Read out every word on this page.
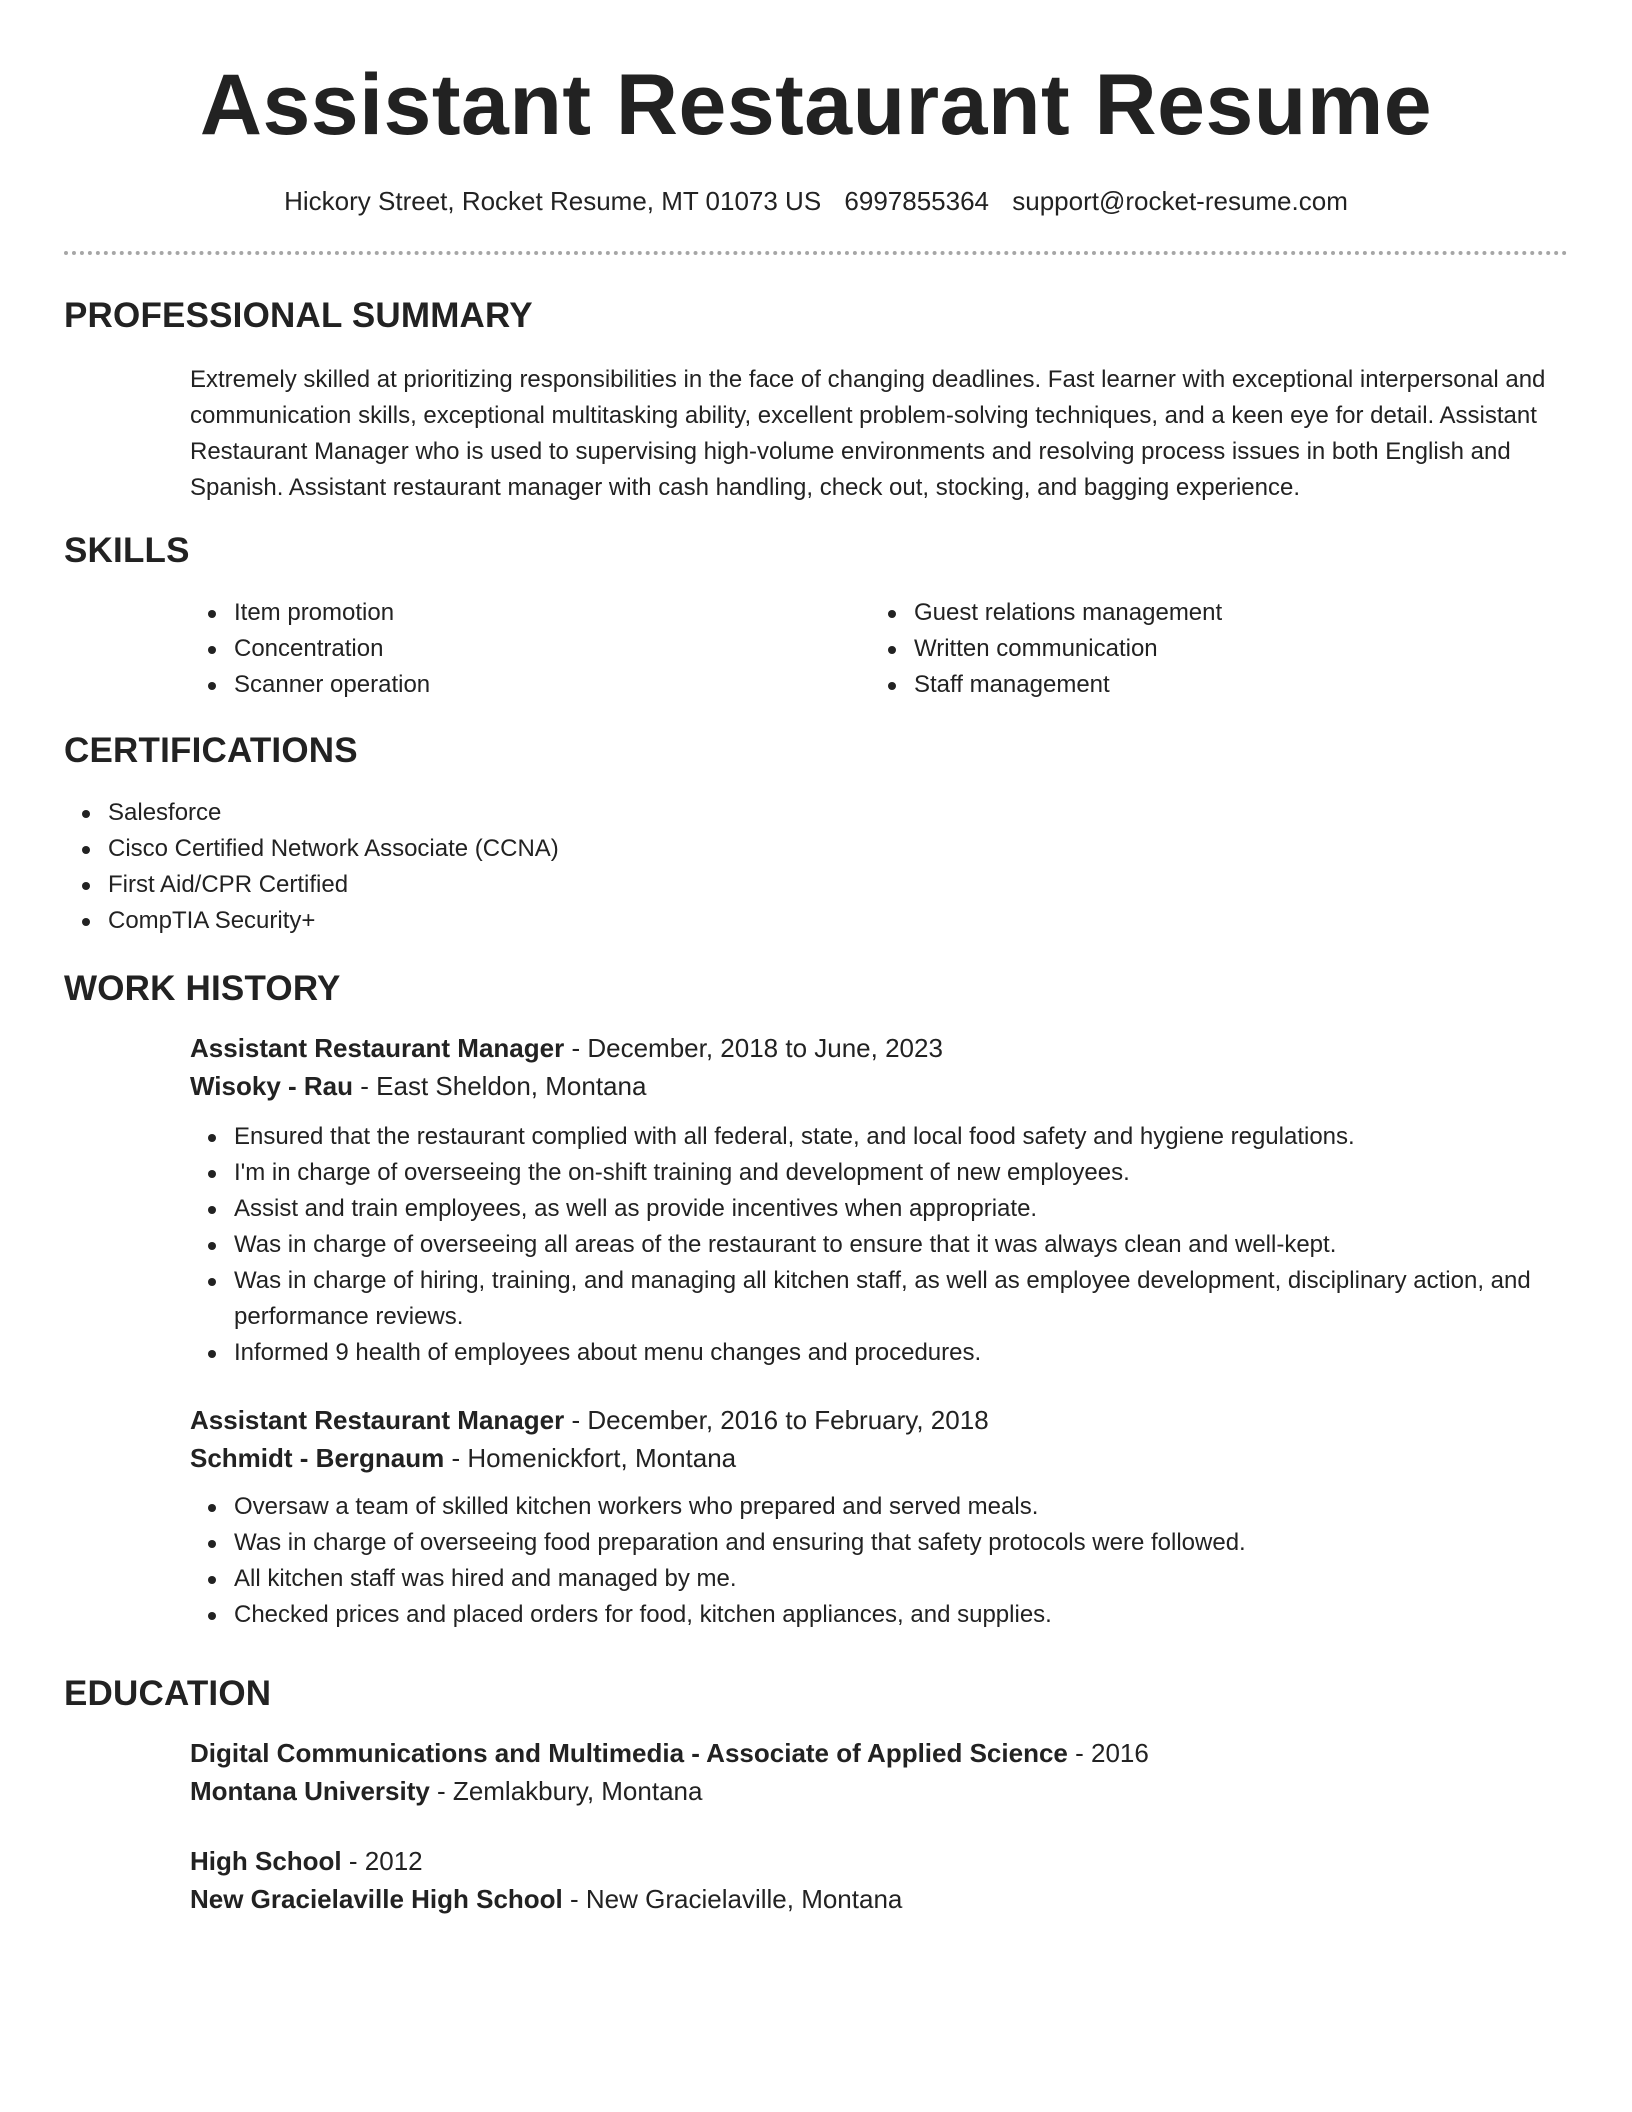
Assistant Restaurant Resume
Hickory Street, Rocket Resume, MT 01073 US 6997855364 support@rocket-resume.com
PROFESSIONAL SUMMARY
Extremely skilled at prioritizing responsibilities in the face of changing deadlines. Fast learner with exceptional interpersonal and communication skills, exceptional multitasking ability, excellent problem-solving techniques, and a keen eye for detail. Assistant Restaurant Manager who is used to supervising high-volume environments and resolving process issues in both English and Spanish. Assistant restaurant manager with cash handling, check out, stocking, and bagging experience.
SKILLS
Item promotion
Concentration
Scanner operation
Guest relations management
Written communication
Staff management
CERTIFICATIONS
Salesforce
Cisco Certified Network Associate (CCNA)
First Aid/CPR Certified
CompTIA Security+
WORK HISTORY
Assistant Restaurant Manager - December, 2018 to June, 2023
Wisoky - Rau - East Sheldon, Montana
Ensured that the restaurant complied with all federal, state, and local food safety and hygiene regulations.
I'm in charge of overseeing the on-shift training and development of new employees.
Assist and train employees, as well as provide incentives when appropriate.
Was in charge of overseeing all areas of the restaurant to ensure that it was always clean and well-kept.
Was in charge of hiring, training, and managing all kitchen staff, as well as employee development, disciplinary action, and performance reviews.
Informed 9 health of employees about menu changes and procedures.
Assistant Restaurant Manager - December, 2016 to February, 2018
Schmidt - Bergnaum - Homenickfort, Montana
Oversaw a team of skilled kitchen workers who prepared and served meals.
Was in charge of overseeing food preparation and ensuring that safety protocols were followed.
All kitchen staff was hired and managed by me.
Checked prices and placed orders for food, kitchen appliances, and supplies.
EDUCATION
Digital Communications and Multimedia - Associate of Applied Science - 2016
Montana University - Zemlakbury, Montana
High School - 2012
New Gracielaville High School - New Gracielaville, Montana
